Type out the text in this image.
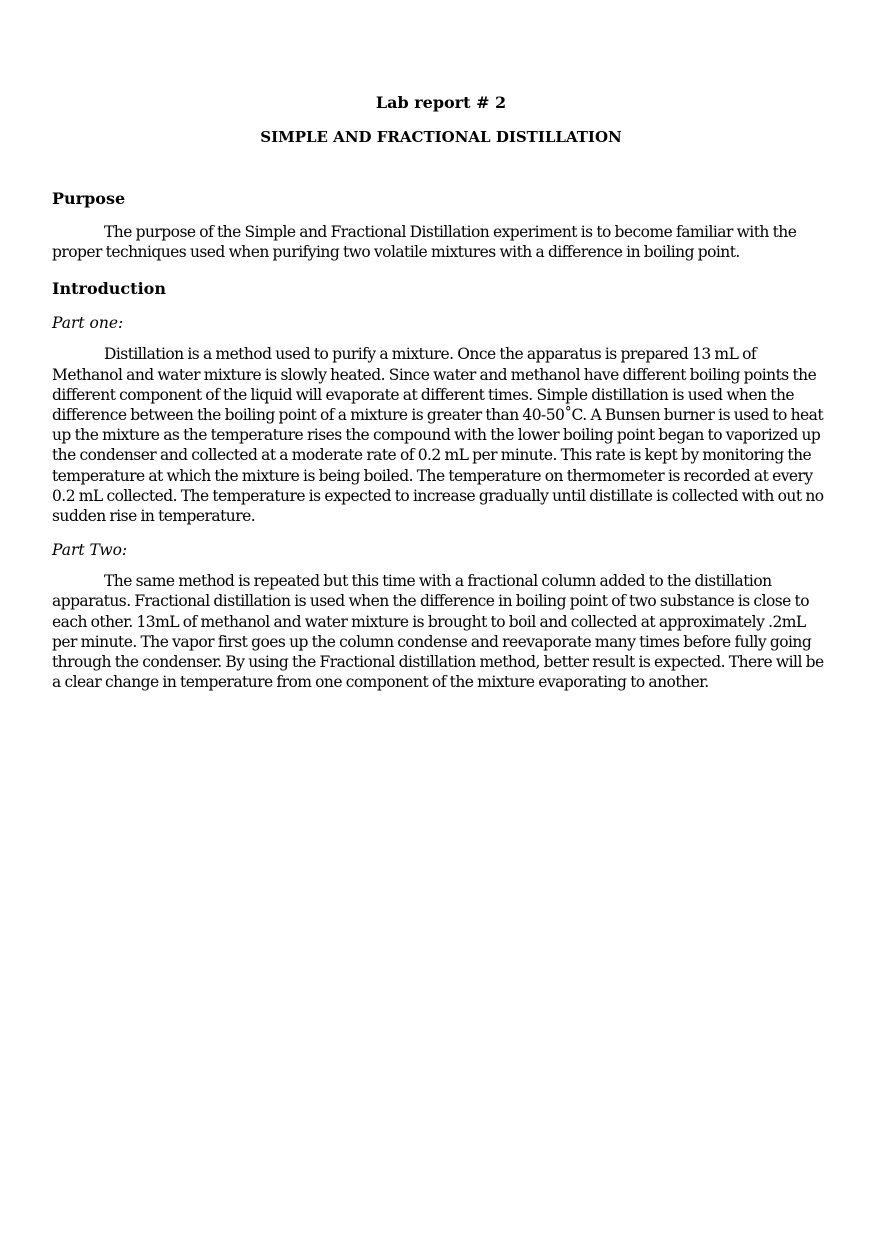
Lab report # 2
SIMPLE AND FRACTIONAL DISTILLATION
Purpose

The purpose of the Simple and Fractional Distillation experiment is to become familiar with the proper techniques used when purifying two volatile mixtures with a difference in boiling point.

Introduction
Part one:

Distillation is a method used to purify a mixture. Once the apparatus is prepared 13 mL of Methanol and water mixture is slowly heated. Since water and methanol have different boiling points the different component of the liquid will evaporate at different times. Simple distillation is used when the difference between the boiling point of a mixture is greater than 40-50˚C. A Bunsen burner is used to heat up the mixture as the temperature rises the compound with the lower boiling point began to vaporized up the condenser and collected at a moderate rate of 0.2 mL per minute. This rate is kept by monitoring the temperature at which the mixture is being boiled. The temperature on thermometer is recorded at every 0.2 mL collected. The temperature is expected to increase gradually until distillate is collected with out no sudden rise in temperature.

Part Two:

The same method is repeated but this time with a fractional column added to the distillation apparatus. Fractional distillation is used when the difference in boiling point of two substance is close to each other. 13mL of methanol and water mixture is brought to boil and collected at approximately .2mL per minute. The vapor first goes up the column condense and reevaporate many times before fully going through the condenser. By using the Fractional distillation method, better result is expected. There will be a clear change in temperature from one component of the mixture evaporating to another.
